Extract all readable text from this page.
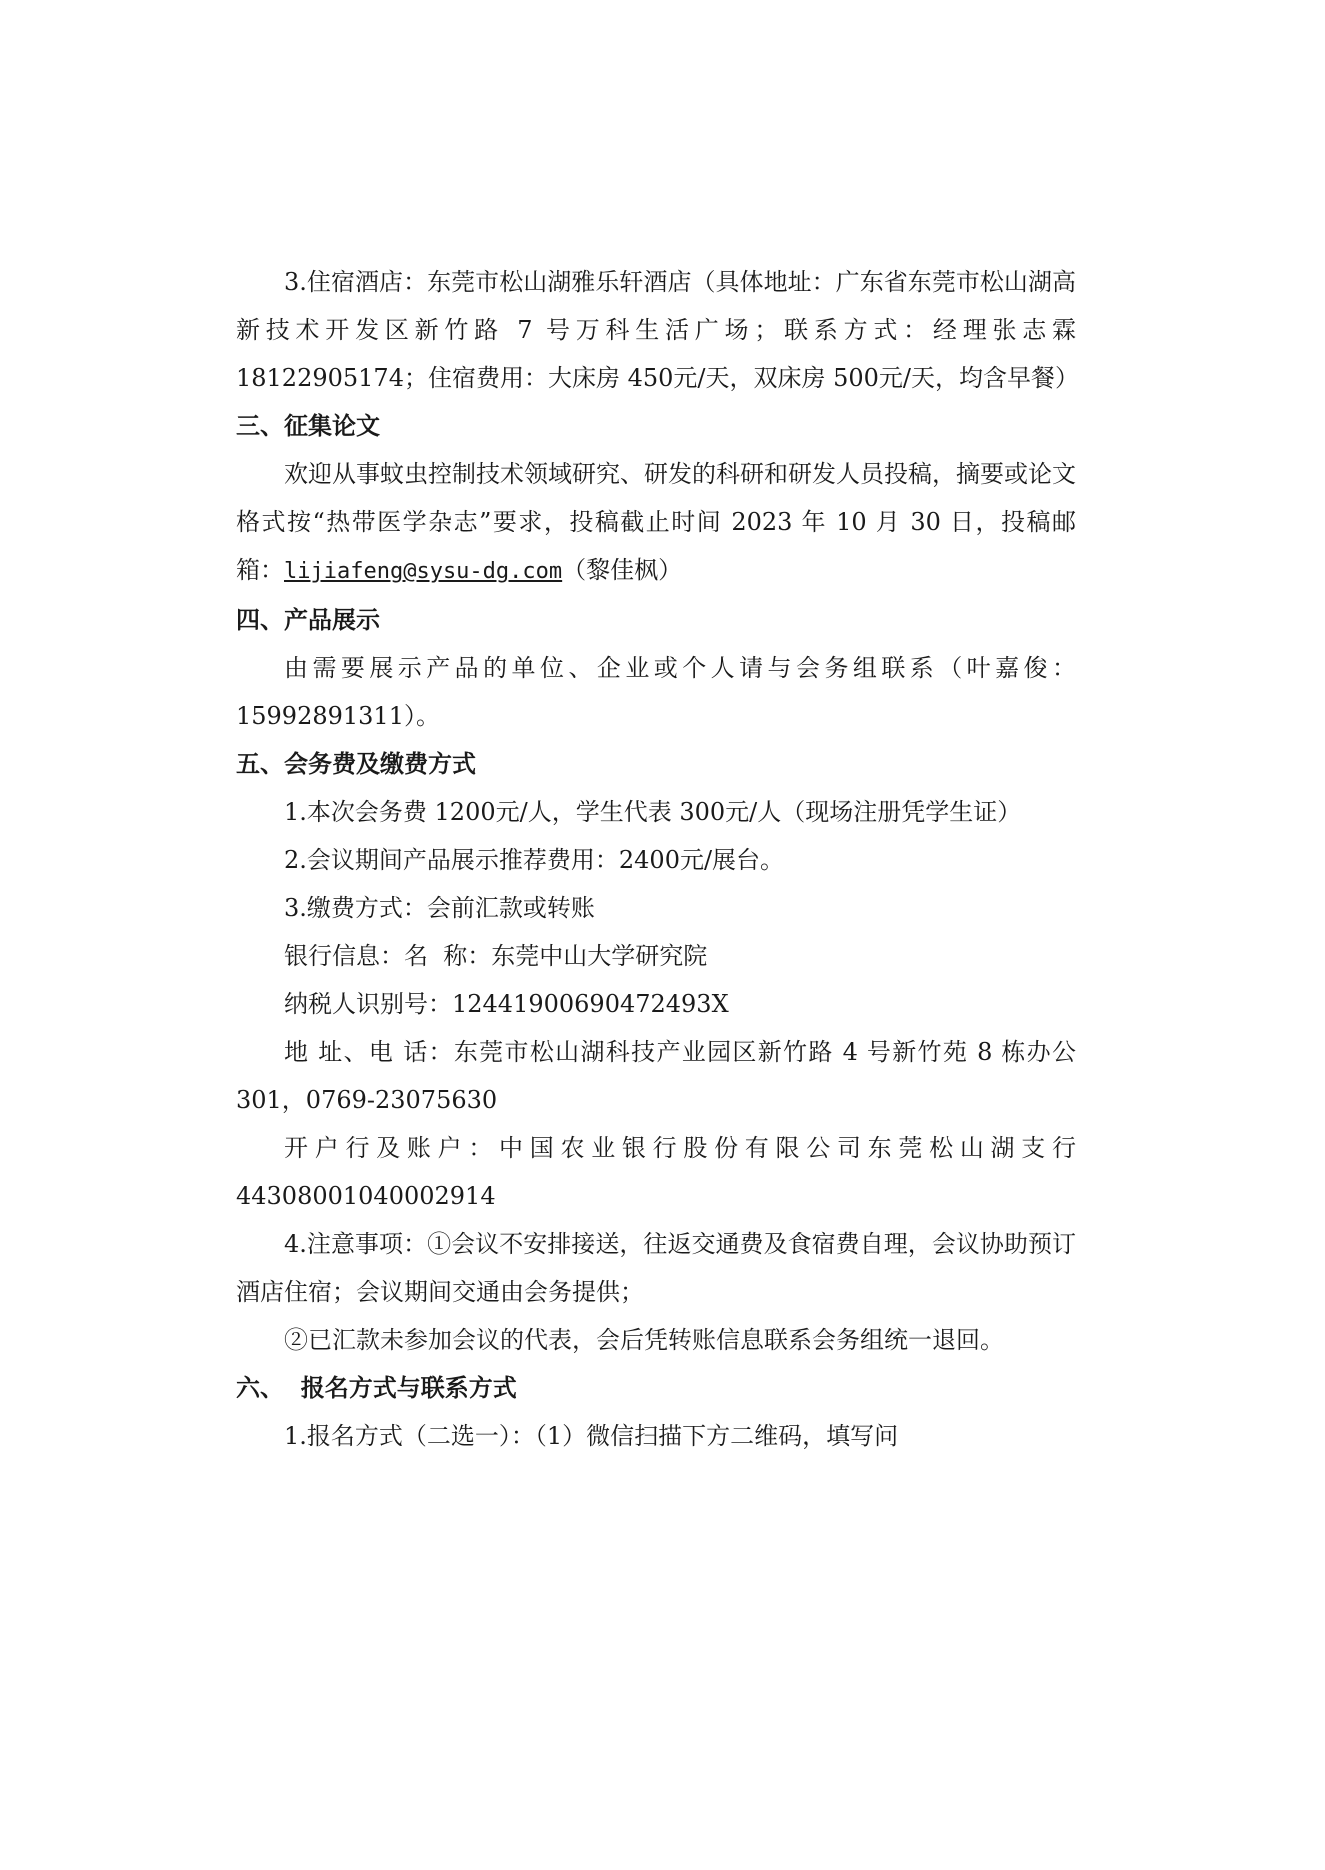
3.住宿酒店：东莞市松山湖雅乐轩酒店（具体地址：广东省东莞市松山湖高新技术开发区新竹路 7 号万科生活广场；联系方式：经理张志霖 18122905174；住宿费用：大床房 450元/天，双床房 500元/天，均含早餐）

三、征集论文

欢迎从事蚊虫控制技术领域研究、研发的科研和研发人员投稿，摘要或论文格式按“热带医学杂志”要求，投稿截止时间 2023 年 10 月 30 日，投稿邮箱：lijiafeng@sysu-dg.com（黎佳枫）

四、产品展示

由需要展示产品的单位、企业或个人请与会务组联系（叶嘉俊：15992891311）。

五、会务费及缴费方式

1.本次会务费 1200元/人，学生代表 300元/人（现场注册凭学生证）

2.会议期间产品展示推荐费用：2400元/展台。

3.缴费方式：会前汇款或转账

银行信息：名  称：东莞中山大学研究院

纳税人识别号：12441900690472493X

地 址、电 话：东莞市松山湖科技产业园区新竹路 4 号新竹苑 8 栋办公 301，0769-23075630

开户行及账户：中国农业银行股份有限公司东莞松山湖支行 44308001040002914

4.注意事项：①会议不安排接送，往返交通费及食宿费自理，会议协助预订酒店住宿；会议期间交通由会务提供；

②已汇款未参加会议的代表，会后凭转账信息联系会务组统一退回。

六、  报名方式与联系方式

1.报名方式（二选一）：（1）微信扫描下方二维码，填写问
